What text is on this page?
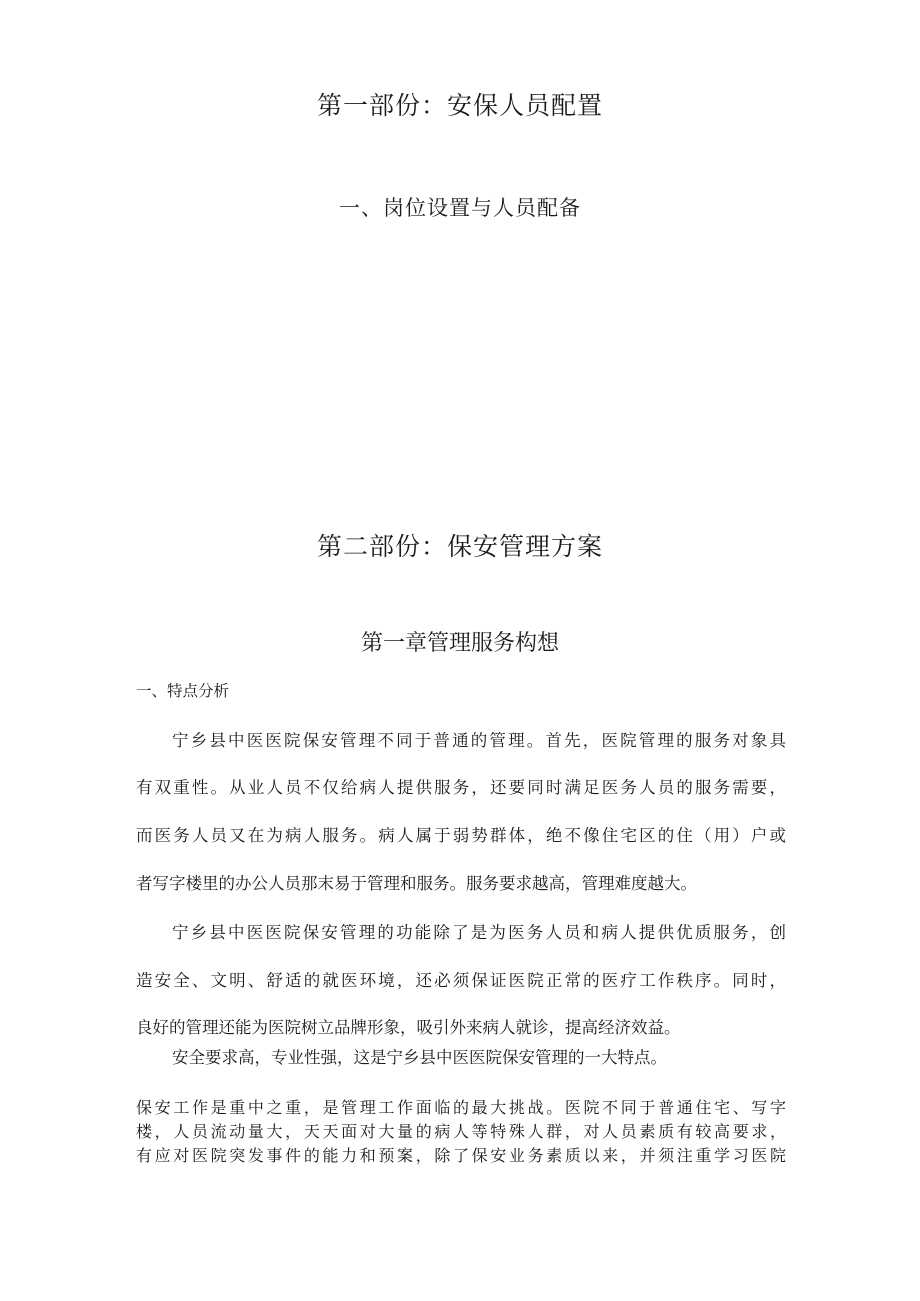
第一部份：安保人员配置
一、岗位设置与人员配备
第二部份：保安管理方案
第一章管理服务构想
一、特点分析
宁乡县中医医院保安管理不同于普通的管理。首先，医院管理的服务对象具
有双重性。从业人员不仅给病人提供服务，还要同时满足医务人员的服务需要，
而医务人员又在为病人服务。病人属于弱势群体，绝不像住宅区的住（用）户或
者写字楼里的办公人员那末易于管理和服务。服务要求越高，管理难度越大。
宁乡县中医医院保安管理的功能除了是为医务人员和病人提供优质服务，创
造安全、文明、舒适的就医环境，还必须保证医院正常的医疗工作秩序。同时，
良好的管理还能为医院树立品牌形象，吸引外来病人就诊，提高经济效益。
安全要求高，专业性强，这是宁乡县中医医院保安管理的一大特点。
保安工作是重中之重，是管理工作面临的最大挑战。医院不同于普通住宅、写字
楼，人员流动量大，天天面对大量的病人等特殊人群，对人员素质有较高要求，
有应对医院突发事件的能力和预案，除了保安业务素质以来，并须注重学习医院
